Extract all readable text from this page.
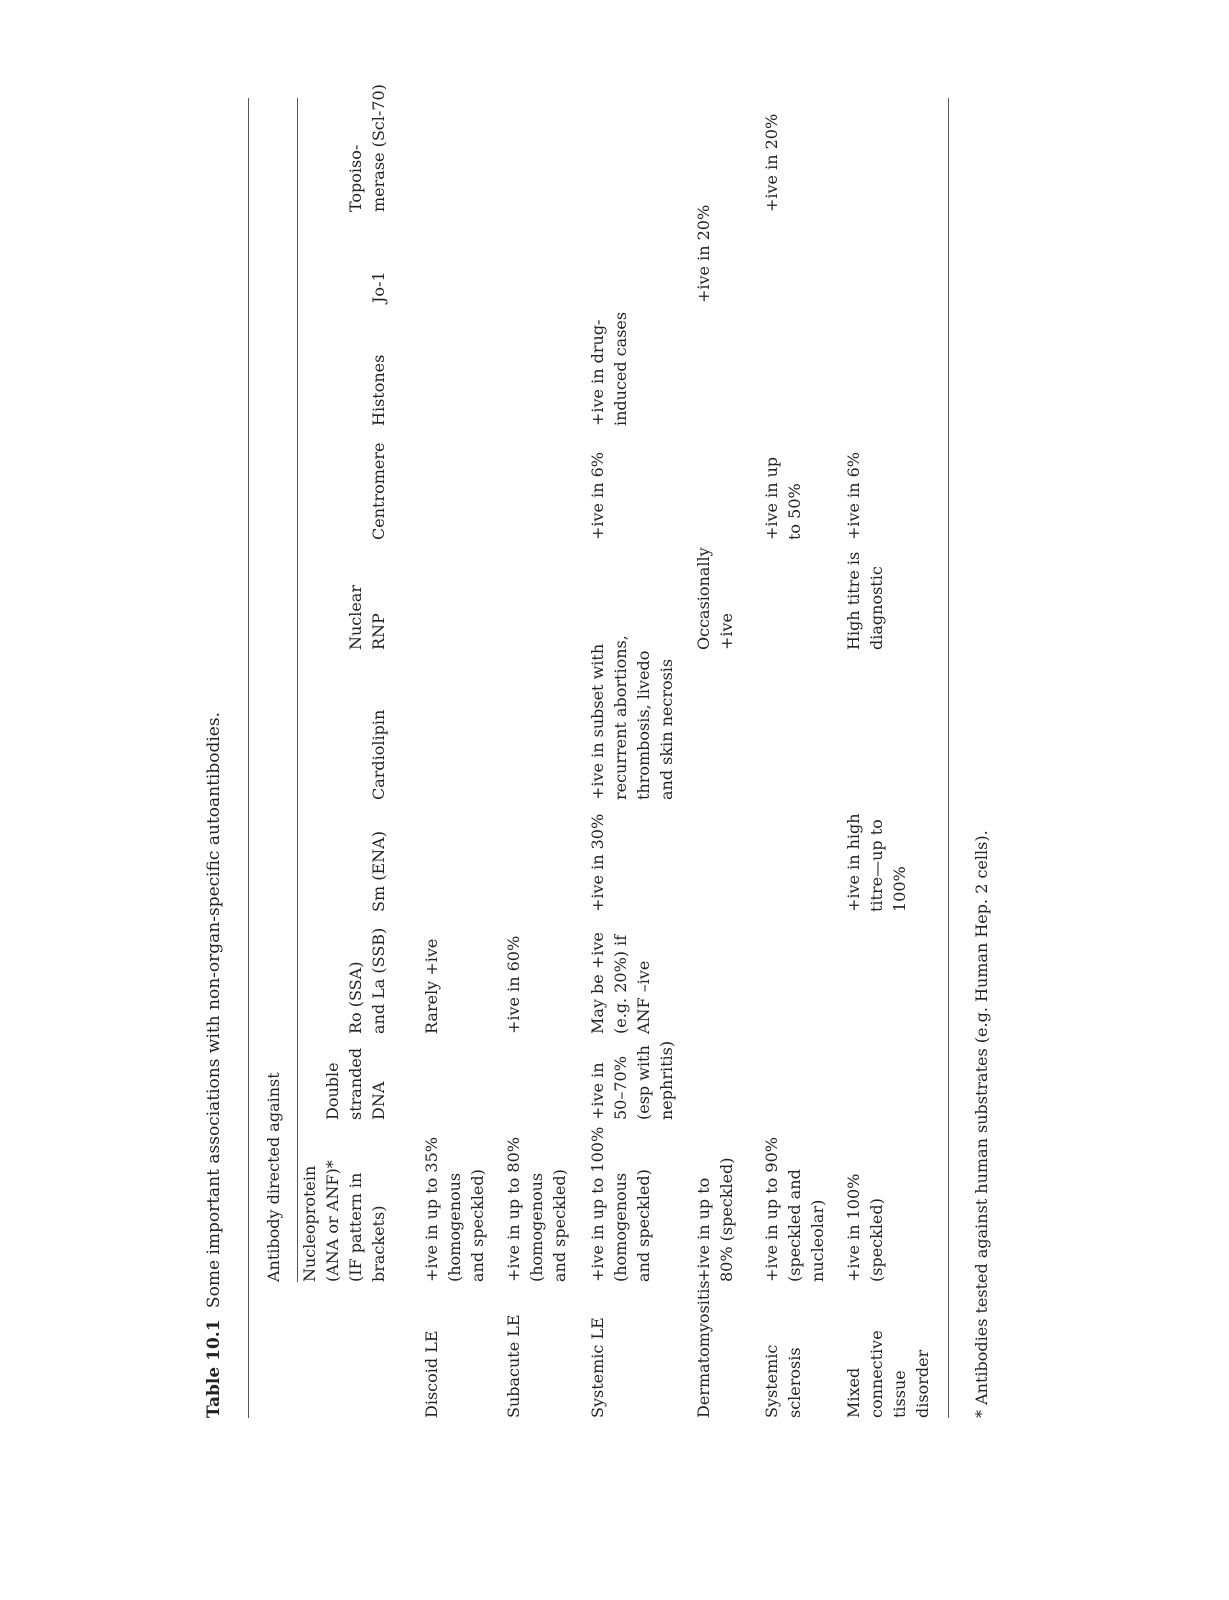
Table 10.1 Some important associations with non-organ-specific autoantibodies.	Antibody directed against Nucleoprotein
(ANA or ANF)*
(IF pattern in
brackets)
Double
stranded
DNA
Ro (SSA)
and La (SSB)
Sm (ENA)
Cardiolipin
Nuclear
RNP
Centromere
Histones
Jo-1
Topoiso-
merase (Scl-70)
Discoid LE
+ive in up to 35%
(homogenous
and speckled)
Rarely +ive
Subacute LE
+ive in up to 80%
(homogenous
and speckled)
+ive in 60%
Systemic LE
+ive in up to 100%
(homogenous
and speckled)
+ive in
50–70%
(esp with
nephritis)
May be +ive
(e.g. 20%) if
ANF –ive
+ive in 30%
+ive in subset with
recurrent abortions,
thrombosis, livedo
and skin necrosis
+ive in 6%
+ive in drug-
induced cases
Dermatomyositis
+ive in up to
80% (speckled)
Occasionally
+ive
+ive in 20%
Systemic
sclerosis
+ive in up to 90%
(speckled and
nucleolar)
+ive in up
to 50%
+ive in 20%
Mixed
connective
tissue
disorder
+ive in 100%
(speckled)
+ive in high
titre—up to
100%
High titre is
diagnostic
+ive in 6%
* Antibodies tested against human substrates (e.g. Human Hep. 2 cells).
